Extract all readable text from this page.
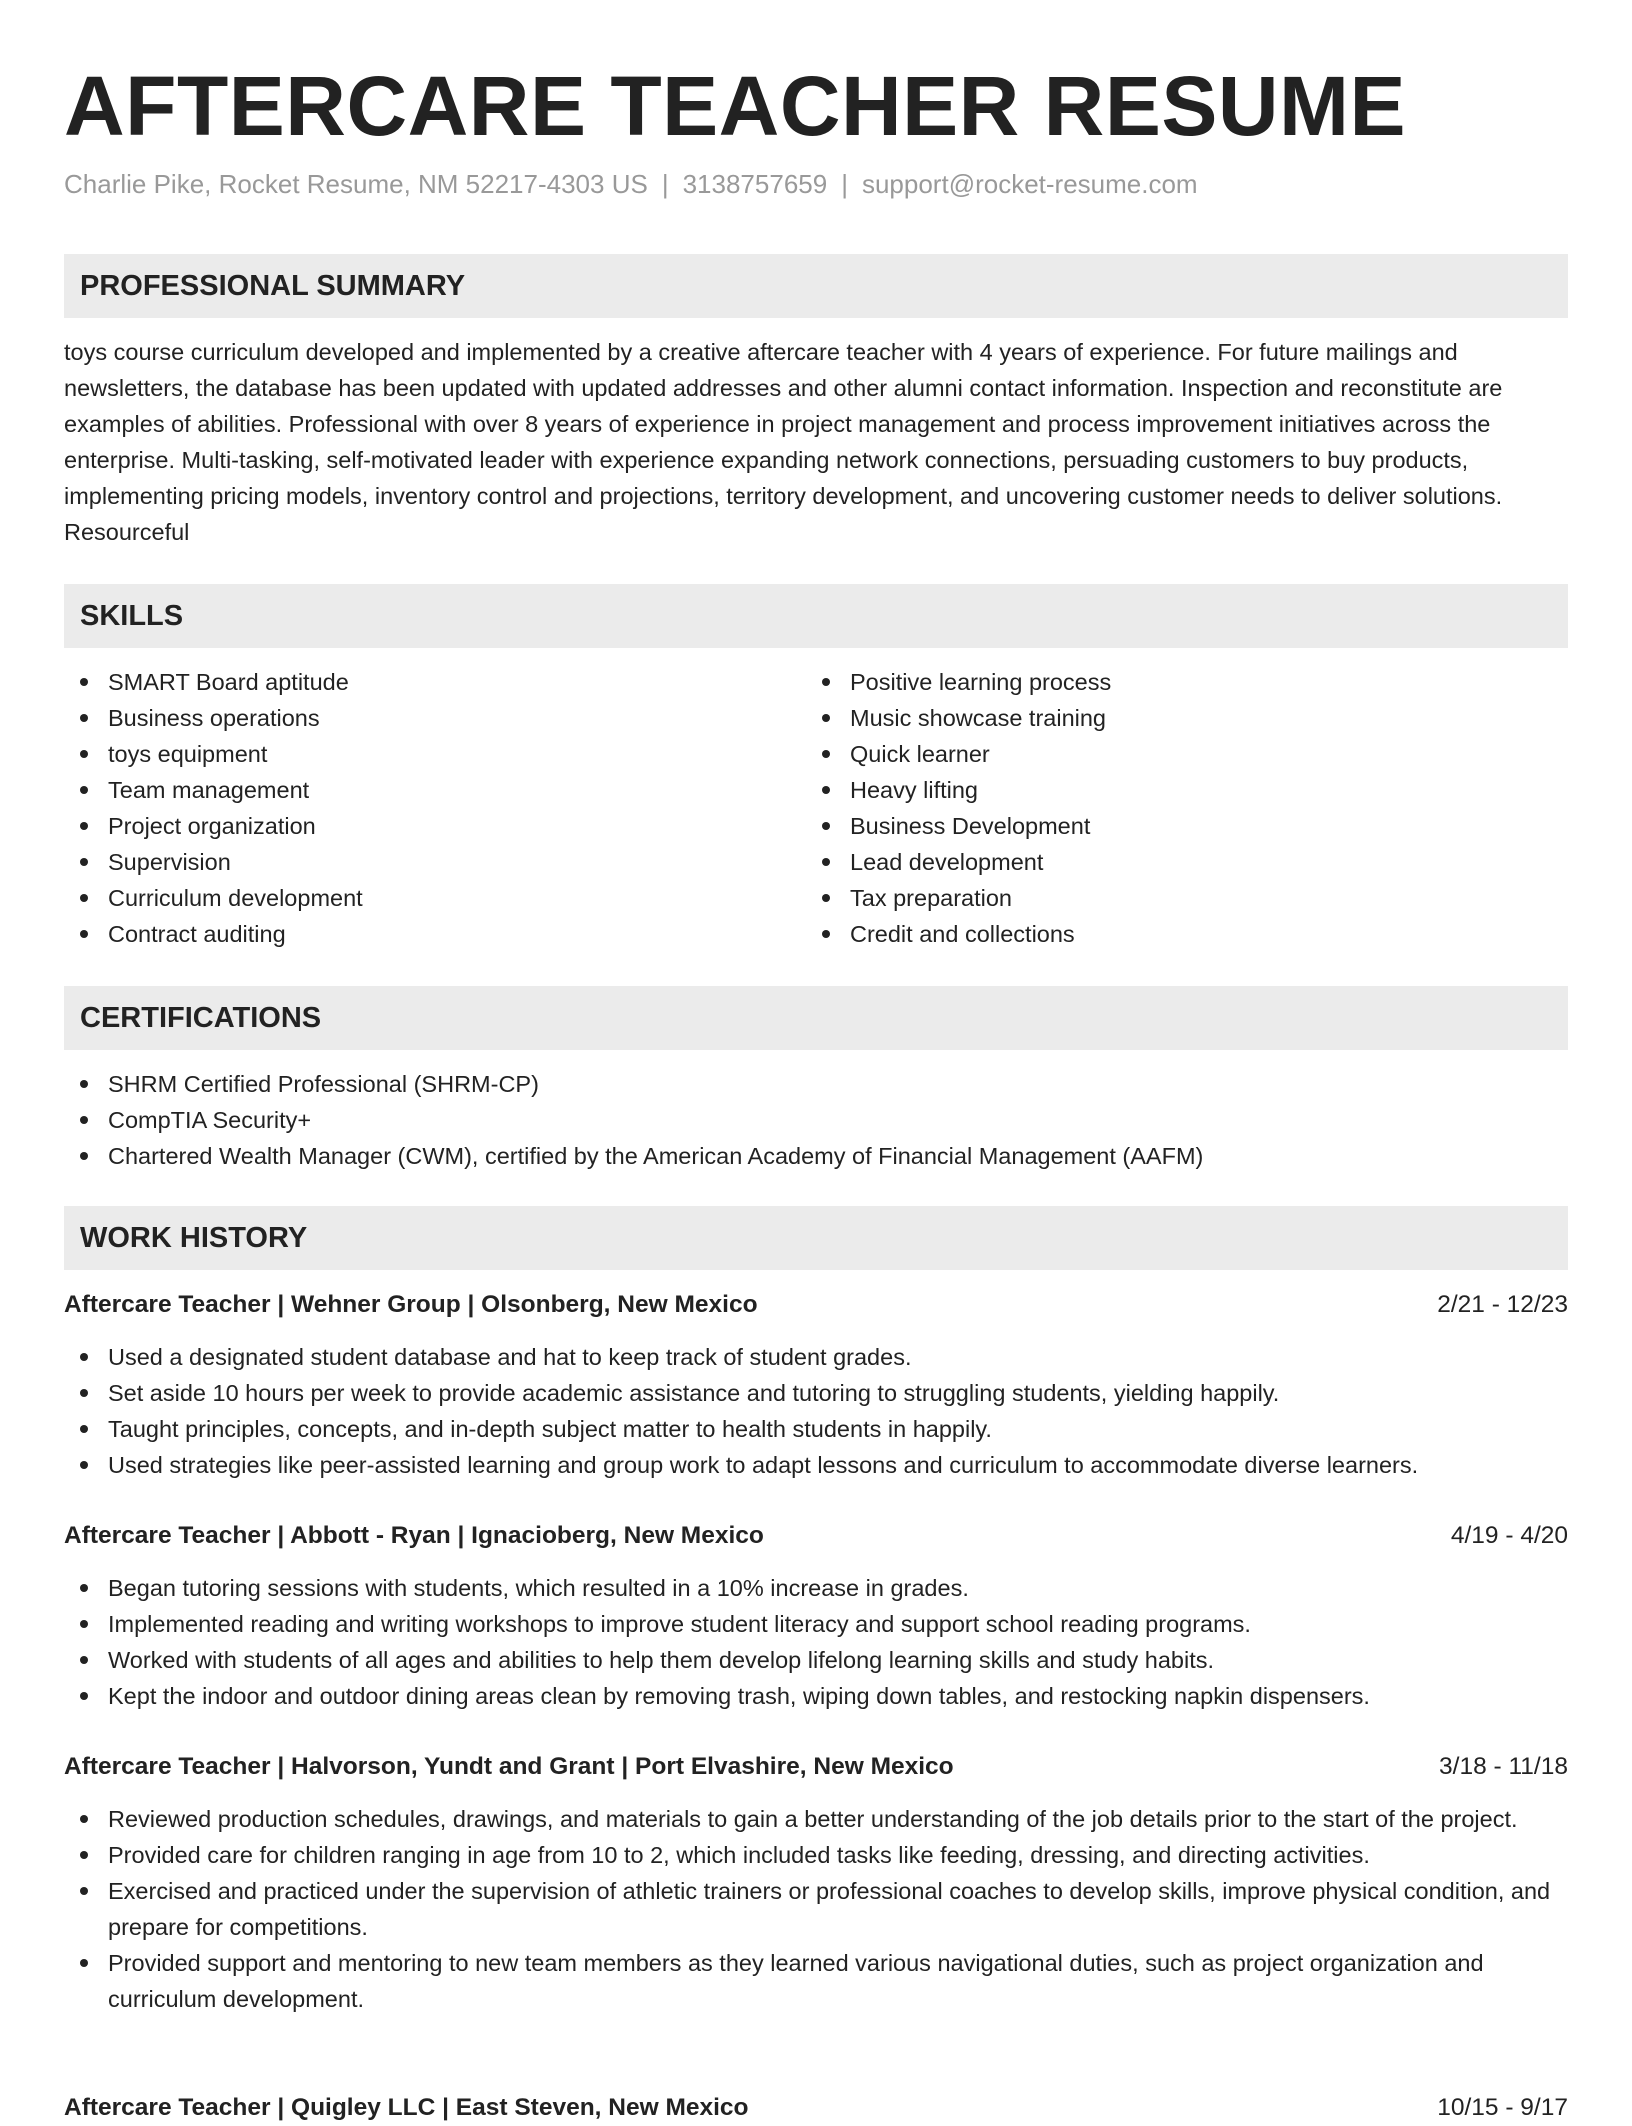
AFTERCARE TEACHER RESUME
Charlie Pike, Rocket Resume, NM 52217-4303 US | 3138757659 | support@rocket-resume.com
PROFESSIONAL SUMMARY

toys course curriculum developed and implemented by a creative aftercare teacher with 4 years of experience. For future mailings and newsletters, the database has been updated with updated addresses and other alumni contact information. Inspection and reconstitute are examples of abilities. Professional with over 8 years of experience in project management and process improvement initiatives across the enterprise. Multi-tasking, self-motivated leader with experience expanding network connections, persuading customers to buy products, implementing pricing models, inventory control and projections, territory development, and uncovering customer needs to deliver solutions. Resourceful

SKILLS
SMART Board aptitude
Business operations
toys equipment
Team management
Project organization
Supervision
Curriculum development
Contract auditing
Positive learning process
Music showcase training
Quick learner
Heavy lifting
Business Development
Lead development
Tax preparation
Credit and collections
CERTIFICATIONS
SHRM Certified Professional (SHRM-CP)
CompTIA Security+
Chartered Wealth Manager (CWM), certified by the American Academy of Financial Management (AAFM)
WORK HISTORY
Aftercare Teacher | Wehner Group | Olsonberg, New Mexico	2/21 - 12/23
Used a designated student database and hat to keep track of student grades.
Set aside 10 hours per week to provide academic assistance and tutoring to struggling students, yielding happily.
Taught principles, concepts, and in-depth subject matter to health students in happily.
Used strategies like peer-assisted learning and group work to adapt lessons and curriculum to accommodate diverse learners.
Aftercare Teacher | Abbott - Ryan | Ignacioberg, New Mexico	4/19 - 4/20
Began tutoring sessions with students, which resulted in a 10% increase in grades.
Implemented reading and writing workshops to improve student literacy and support school reading programs.
Worked with students of all ages and abilities to help them develop lifelong learning skills and study habits.
Kept the indoor and outdoor dining areas clean by removing trash, wiping down tables, and restocking napkin dispensers.
Aftercare Teacher | Halvorson, Yundt and Grant | Port Elvashire, New Mexico	3/18 - 11/18
Reviewed production schedules, drawings, and materials to gain a better understanding of the job details prior to the start of the project.
Provided care for children ranging in age from 10 to 2, which included tasks like feeding, dressing, and directing activities.
Exercised and practiced under the supervision of athletic trainers or professional coaches to develop skills, improve physical condition, and prepare for competitions.
Provided support and mentoring to new team members as they learned various navigational duties, such as project organization and curriculum development.
Aftercare Teacher | Quigley LLC | East Steven, New Mexico	10/15 - 9/17
